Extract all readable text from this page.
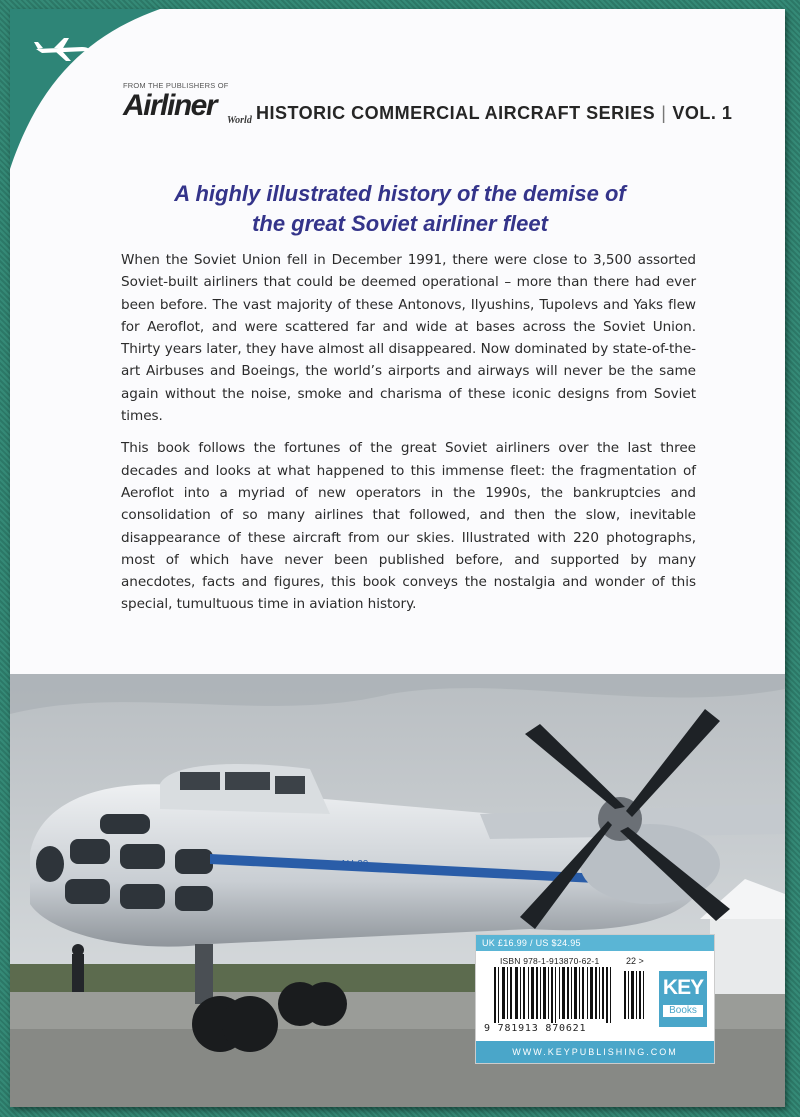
FROM THE PUBLISHERS OF
Airliner	World HISTORIC COMMERCIAL AIRCRAFT SERIES | VOL. 1
A highly illustrated history of the demise of
the great Soviet airliner fleet

When the Soviet Union fell in December 1991, there were close to 3,500 assorted Soviet-built airliners that could be deemed operational – more than there had ever been before. The vast majority of these Antonovs, Ilyushins, Tupolevs and Yaks flew for Aeroflot, and were scattered far and wide at bases across the Soviet Union. Thirty years later, they have almost all disappeared. Now dominated by state-of-the-art Airbuses and Boeings, the world’s airports and airways will never be the same again without the noise, smoke and charisma of these iconic designs from Soviet times.

This book follows the fortunes of the great Soviet airliners over the last three decades and looks at what happened to this immense fleet: the fragmentation of Aeroflot into a myriad of new operators in the 1990s, the bankruptcies and consolidation of so many airlines that followed, and then the slow, inevitable disappearance of these aircraft from our skies. Illustrated with 220 photographs, most of which have never been published before, and supported by many anecdotes, facts and figures, this book conveys the nostalgia and wonder of this special, tumultuous time in aviation history.

АН-30
UK £16.99 / US $24.95
ISBN 978-1-913870-62-1	22 >
9 781913 870621
KEY
Books
WWW.KEYPUBLISHING.COM
